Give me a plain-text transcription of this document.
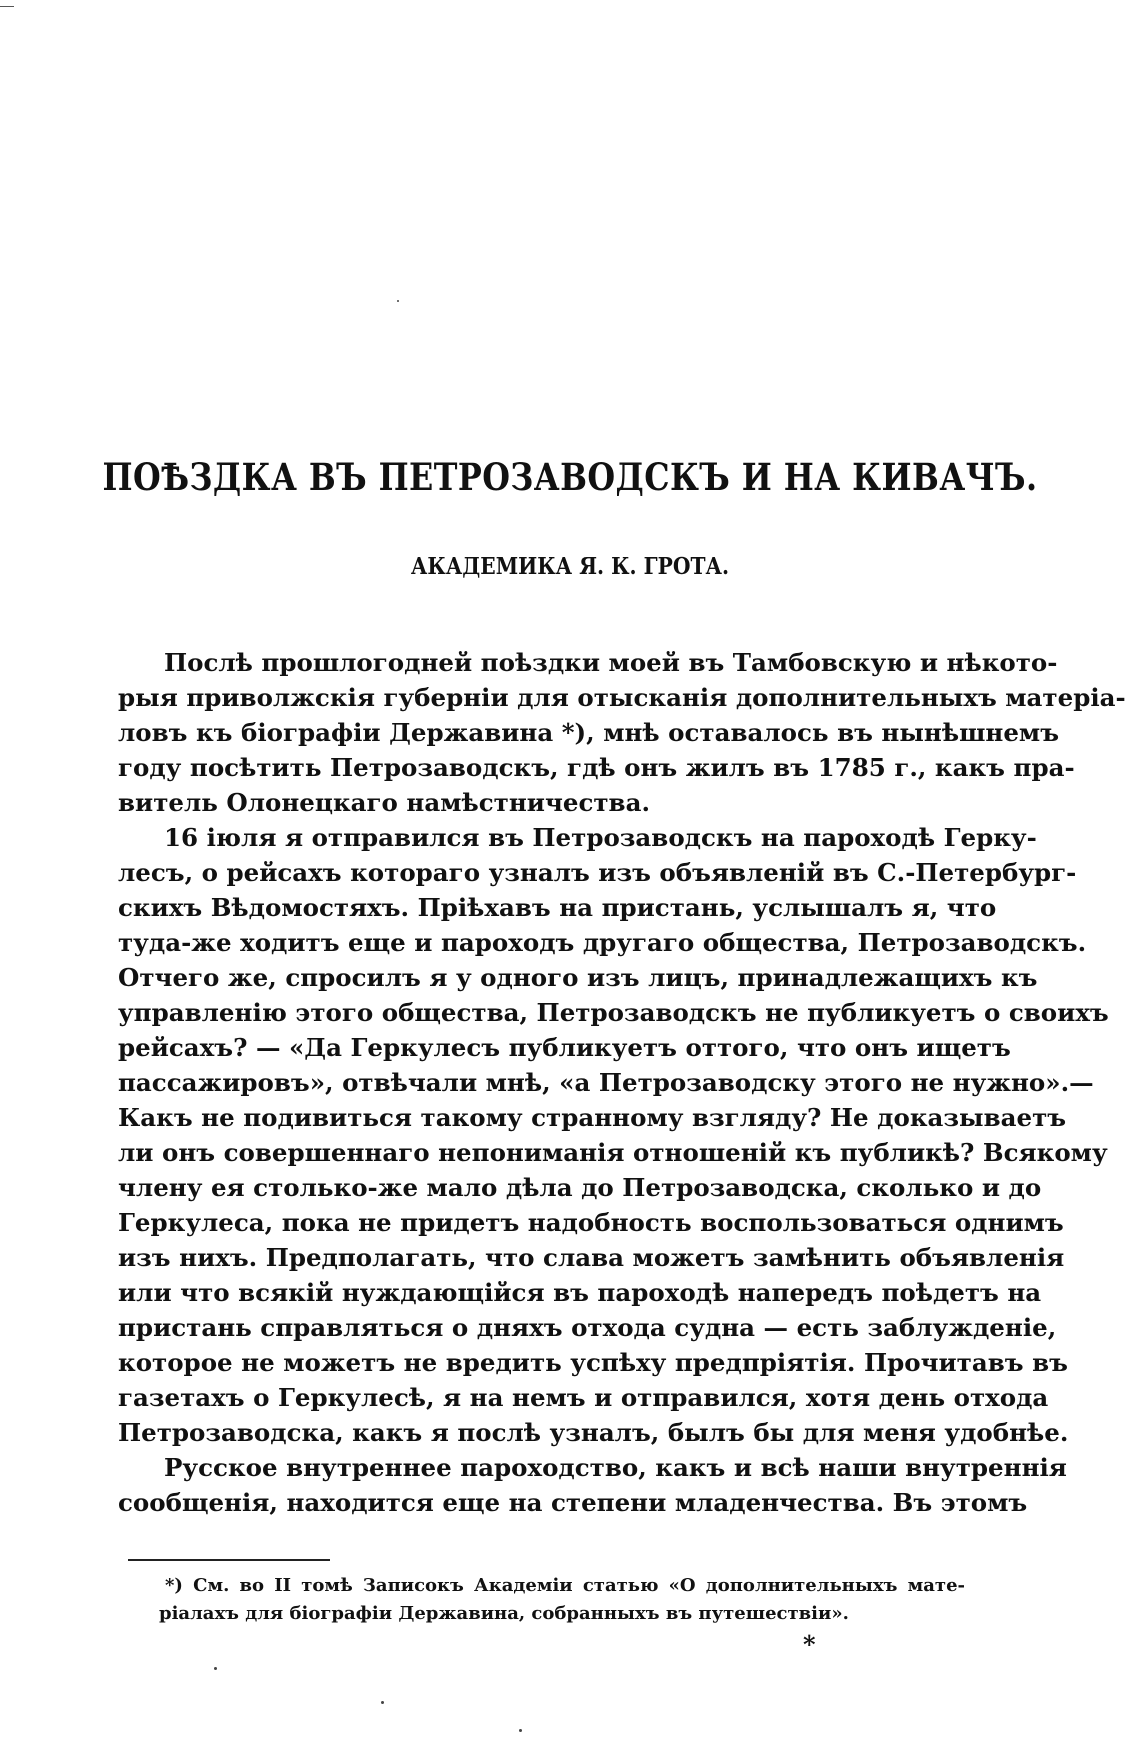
ПОѢЗДКА ВЪ ПЕТРОЗАВОДСКЪ И НА КИВАЧЪ.
АКАДЕМИКА Я. К. ГРОТА.
Послѣ прошлогодней поѣздки моей въ Тамбовскую и нѣкото-
рыя приволжскія губерніи для отысканія дополнительныхъ матеріа-
ловъ къ біографіи Державина *), мнѣ оставалось въ нынѣшнемъ
году посѣтить Петрозаводскъ, гдѣ онъ жилъ въ 1785 г., какъ пра-
витель Олонецкаго намѣстничества.
16 іюля я отправился въ Петрозаводскъ на пароходѣ Герку-
лесъ, о рейсахъ котораго узналъ изъ объявленій въ С.-Петербург-
скихъ Вѣдомостяхъ. Пріѣхавъ на пристань, услышалъ я, что
туда-же ходитъ еще и пароходъ другаго общества, Петрозаводскъ.
Отчего же, спросилъ я у одного изъ лицъ, принадлежащихъ къ
управленію этого общества, Петрозаводскъ не публикуетъ о своихъ
рейсахъ? — «Да Геркулесъ публикуетъ оттого, что онъ ищетъ
пассажировъ», отвѣчали мнѣ, «а Петрозаводску этого не нужно».—
Какъ не подивиться такому странному взгляду? Не доказываетъ
ли онъ совершеннаго непониманія отношеній къ публикѣ? Всякому
члену ея столько-же мало дѣла до Петрозаводска, сколько и до
Геркулеса, пока не придетъ надобность воспользоваться однимъ
изъ нихъ. Предполагать, что слава можетъ замѣнить объявленія
или что всякій нуждающійся въ пароходѣ напередъ поѣдетъ на
пристань справляться о дняхъ отхода судна — есть заблужденіе,
которое не можетъ не вредить успѣху предпріятія. Прочитавъ въ
газетахъ о Геркулесѣ, я на немъ и отправился, хотя день отхода
Петрозаводска, какъ я послѣ узналъ, былъ бы для меня удобнѣе.
Русское внутреннее пароходство, какъ и всѣ наши внутреннія
сообщенія, находится еще на степени младенчества. Въ этомъ
*) См. во II томѣ Записокъ Академіи статью «О дополнительныхъ мате-
ріалахъ для біографіи Державина, собранныхъ въ путешествіи».
*
